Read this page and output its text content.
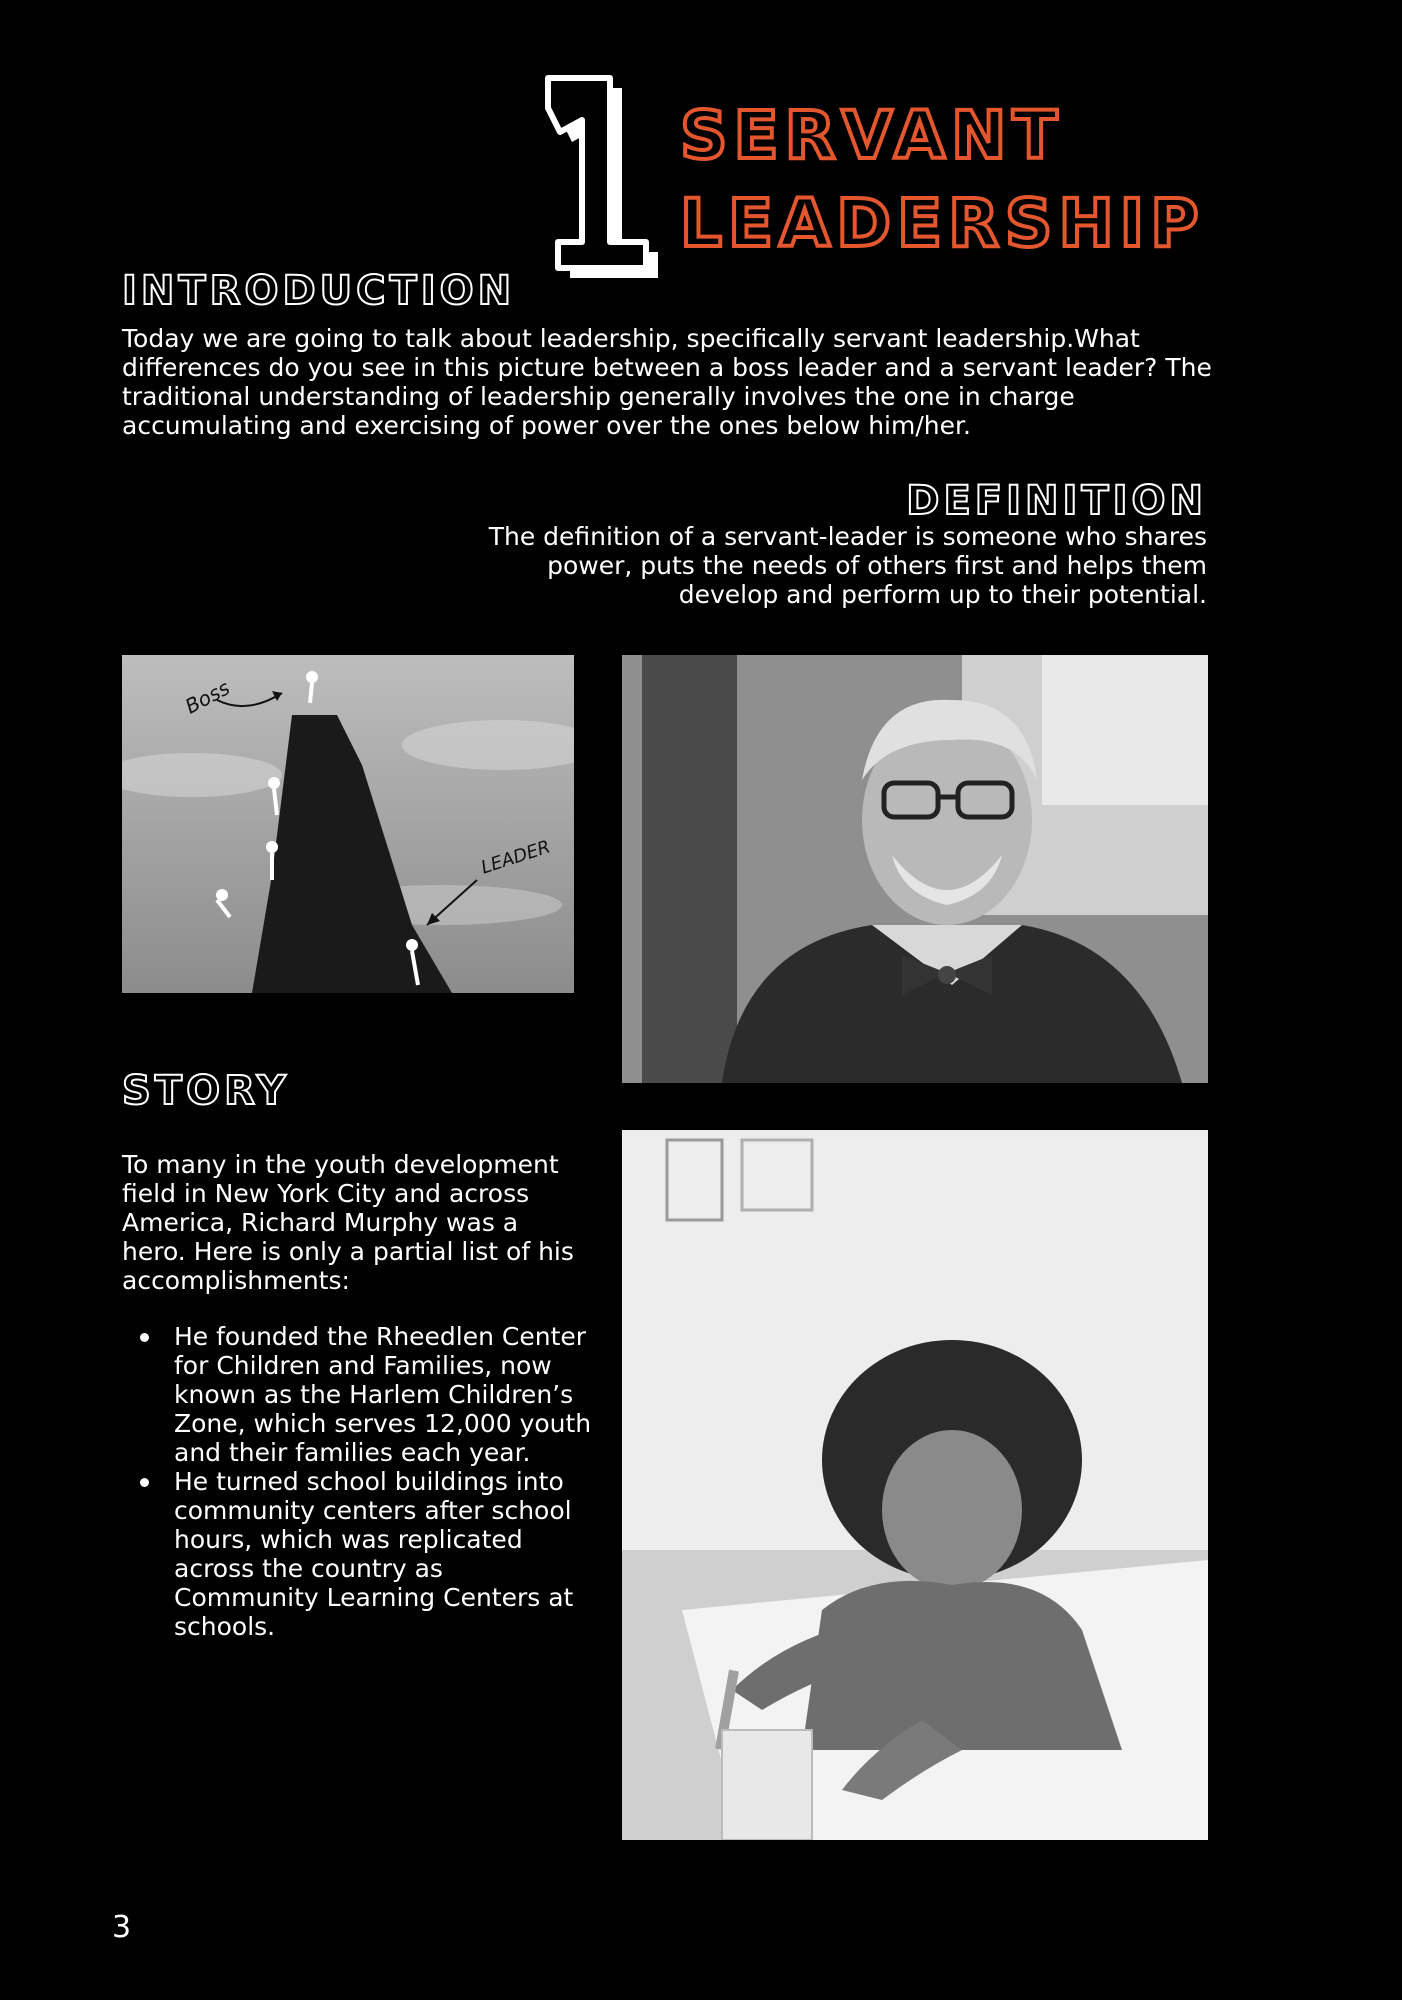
SERVANT
LEADERSHIP
INTRODUCTION
Today we are going to talk about leadership, specifically servant leadership.What differences do you see in this picture between a boss leader and a servant leader? The traditional understanding of leadership generally involves the one in charge accumulating and exercising of power over the ones below him/her.
DEFINITION
The definition of a servant-leader is someone who shares power, puts the needs of others first and helps them develop and perform up to their potential.
Boss
LEADER
STORY
To many in the youth development field in New York City and across America, Richard Murphy was a hero. Here is only a partial list of his accomplishments:
He founded the Rheedlen Center for Children and Families, now known as the Harlem Children’s Zone, which serves 12,000 youth and their families each year.
He turned school buildings into community centers after school hours, which was replicated across the country as Community Learning Centers at schools.
3
